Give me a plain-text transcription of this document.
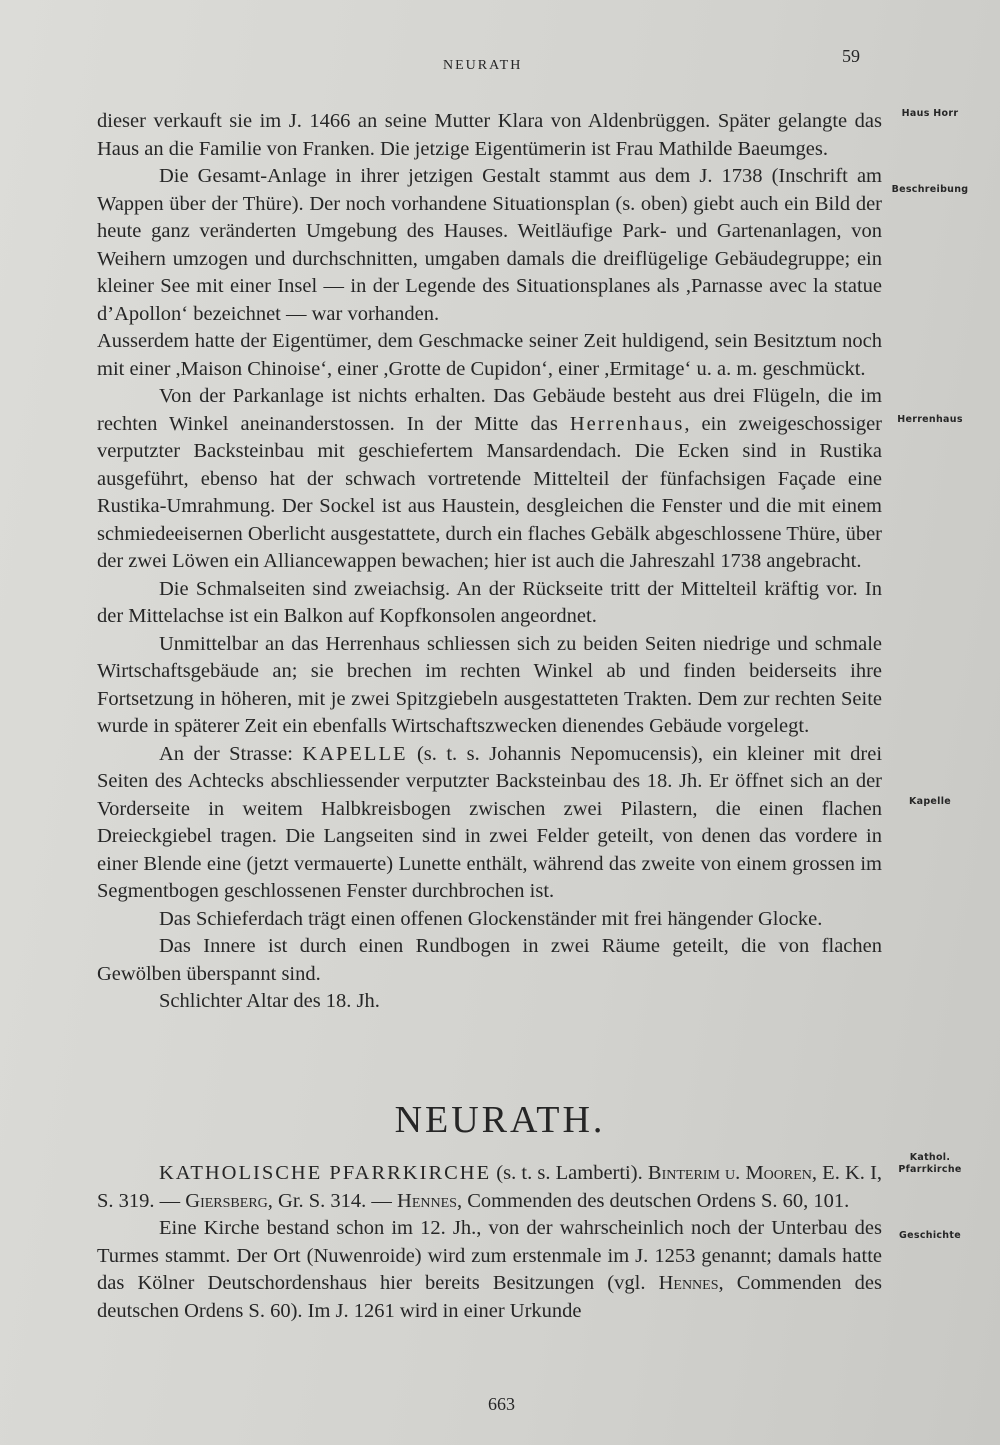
NEURATH	59
Haus Horr
Beschreibung
Herrenhaus
Kapelle
Kathol.
Pfarrkirche
Geschichte

dieser verkauft sie im J. 1466 an seine Mutter Klara von Aldenbrüggen. Später gelangte das Haus an die Familie von Franken. Die jetzige Eigentümerin ist Frau Mathilde Baeumges.

Die Gesamt-Anlage in ihrer jetzigen Gestalt stammt aus dem J. 1738 (Inschrift am Wappen über der Thüre). Der noch vorhandene Situationsplan (s. oben) giebt auch ein Bild der heute ganz veränderten Umgebung des Hauses. Weitläufige Park- und Gartenanlagen, von Weihern umzogen und durchschnitten, umgaben damals die dreiflügelige Gebäudegruppe; ein kleiner See mit einer Insel — in der Legende des Situationsplanes als ,Parnasse avec la statue d’Apollon‘ bezeichnet — war vorhanden.

Ausserdem hatte der Eigentümer, dem Geschmacke seiner Zeit huldigend, sein Besitztum noch mit einer ,Maison Chinoise‘, einer ,Grotte de Cupidon‘, einer ,Ermitage‘ u. a. m. geschmückt.

Von der Parkanlage ist nichts erhalten. Das Gebäude besteht aus drei Flügeln, die im rechten Winkel aneinanderstossen. In der Mitte das Herrenhaus, ein zweigeschossiger verputzter Backsteinbau mit geschiefertem Mansardendach. Die Ecken sind in Rustika ausgeführt, ebenso hat der schwach vortretende Mittelteil der fünfachsigen Façade eine Rustika-Umrahmung. Der Sockel ist aus Haustein, desgleichen die Fenster und die mit einem schmiedeeisernen Oberlicht ausgestattete, durch ein flaches Gebälk abgeschlossene Thüre, über der zwei Löwen ein Alliancewappen bewachen; hier ist auch die Jahreszahl 1738 angebracht.

Die Schmalseiten sind zweiachsig. An der Rückseite tritt der Mittelteil kräftig vor. In der Mittelachse ist ein Balkon auf Kopfkonsolen angeordnet.

Unmittelbar an das Herrenhaus schliessen sich zu beiden Seiten niedrige und schmale Wirtschaftsgebäude an; sie brechen im rechten Winkel ab und finden beiderseits ihre Fortsetzung in höheren, mit je zwei Spitzgiebeln ausgestatteten Trakten. Dem zur rechten Seite wurde in späterer Zeit ein ebenfalls Wirtschaftszwecken dienendes Gebäude vorgelegt.

An der Strasse: KAPELLE (s. t. s. Johannis Nepomucensis), ein kleiner mit drei Seiten des Achtecks abschliessender verputzter Backsteinbau des 18. Jh. Er öffnet sich an der Vorderseite in weitem Halbkreisbogen zwischen zwei Pilastern, die einen flachen Dreieckgiebel tragen. Die Langseiten sind in zwei Felder geteilt, von denen das vordere in einer Blende eine (jetzt vermauerte) Lunette enthält, während das zweite von einem grossen im Segmentbogen geschlossenen Fenster durchbrochen ist.

Das Schieferdach trägt einen offenen Glockenständer mit frei hängender Glocke.

Das Innere ist durch einen Rundbogen in zwei Räume geteilt, die von flachen Gewölben überspannt sind.

Schlichter Altar des 18. Jh.

NEURATH.

KATHOLISCHE PFARRKIRCHE (s. t. s. Lamberti). Binterim u. Mooren, E. K. I, S. 319. — Giersberg, Gr. S. 314. — Hennes, Commenden des deutschen Ordens S. 60, 101.

Eine Kirche bestand schon im 12. Jh., von der wahrscheinlich noch der Unterbau des Turmes stammt. Der Ort (Nuwenroide) wird zum erstenmale im J. 1253 genannt; damals hatte das Kölner Deutschordenshaus hier bereits Besitzungen (vgl. Hennes, Commenden des deutschen Ordens S. 60). Im J. 1261 wird in einer Urkunde

663
